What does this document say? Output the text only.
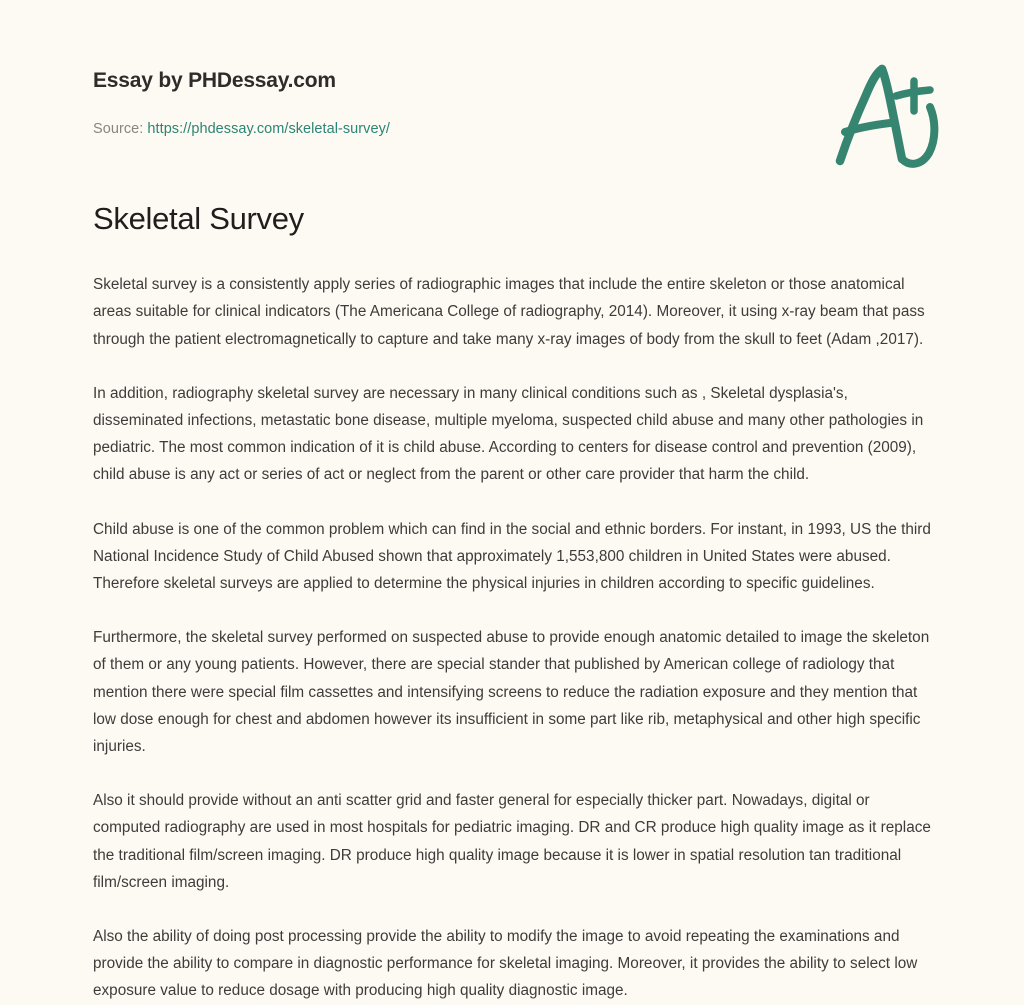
Essay by PHDessay.com
Source: https://phdessay.com/skeletal-survey/
Skeletal Survey

Skeletal survey is a consistently apply series of radiographic images that include the entire skeleton or those anatomical areas suitable for clinical indicators (The Americana College of radiography, 2014). Moreover, it using x-ray beam that pass through the patient electromagnetically to capture and take many x-ray images of body from the skull to feet (Adam ,2017).

In addition, radiography skeletal survey are necessary in many clinical conditions such as , Skeletal dysplasia's, disseminated infections, metastatic bone disease, multiple myeloma, suspected child abuse and many other pathologies in pediatric. The most common indication of it is child abuse. According to centers for disease control and prevention (2009), child abuse is any act or series of act or neglect from the parent or other care provider that harm the child.

Child abuse is one of the common problem which can find in the social and ethnic borders. For instant, in 1993, US the third National Incidence Study of Child Abused shown that approximately 1,553,800 children in United States were abused. Therefore skeletal surveys are applied to determine the physical injuries in children according to specific guidelines.

Furthermore, the skeletal survey performed on suspected abuse to provide enough anatomic detailed to image the skeleton of them or any young patients. However, there are special stander that published by American college of radiology that mention there were special film cassettes and intensifying screens to reduce the radiation exposure and they mention that low dose enough for chest and abdomen however its insufficient in some part like rib, metaphysical and other high specific injuries.

Also it should provide without an anti scatter grid and faster general for especially thicker part. Nowadays, digital or computed radiography are used in most hospitals for pediatric imaging. DR and CR produce high quality image as it replace the traditional film/screen imaging. DR produce high quality image because it is lower in spatial resolution tan traditional film/screen imaging.

Also the ability of doing post processing provide the ability to modify the image to avoid repeating the examinations and provide the ability to compare in diagnostic performance for skeletal imaging. Moreover, it provides the ability to select low exposure value to reduce dosage with producing high quality diagnostic image.
